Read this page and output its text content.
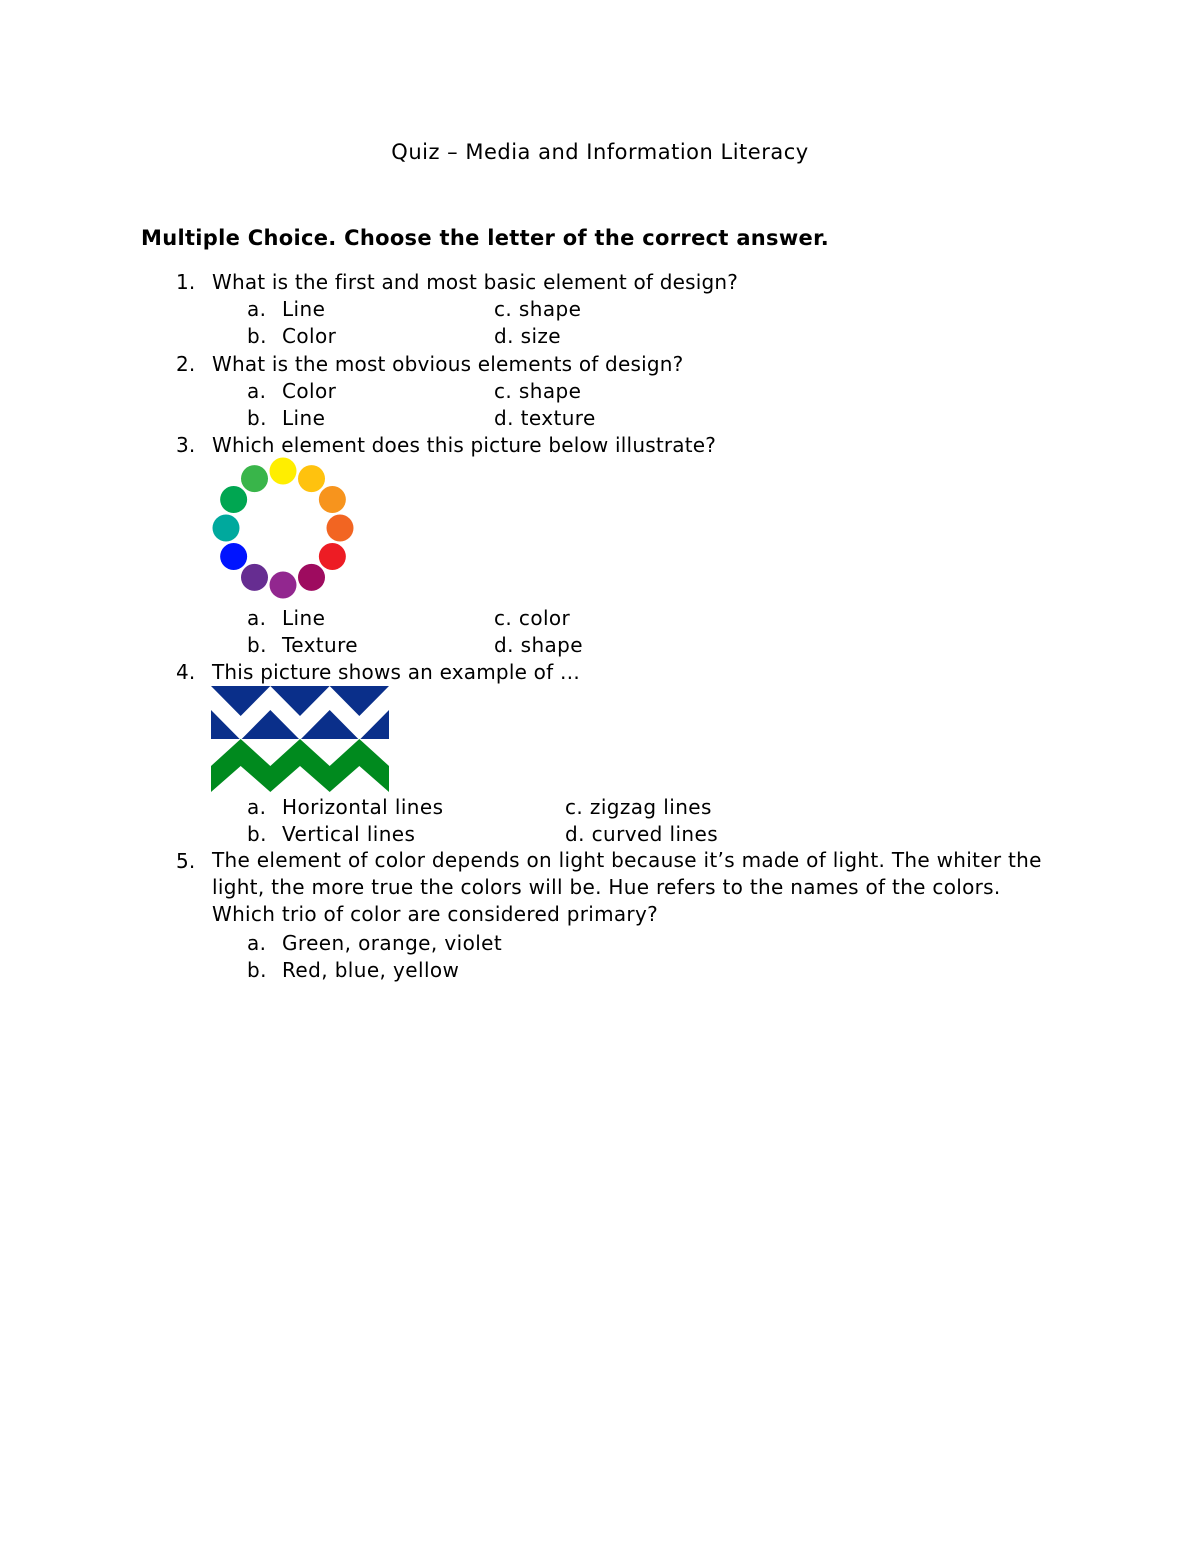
Quiz – Media and Information Literacy
Multiple Choice. Choose the letter of the correct answer.
1. What is the first and most basic element of design?
a. Line
b. Color
c. shape
d. size
2. What is the most obvious elements of design?
a. Color
b. Line
c. shape
d. texture
3. Which element does this picture below illustrate?
a. Line
b. Texture
c. color
d. shape
4. This picture shows an example of …
a. Horizontal lines
b. Vertical lines
c. zigzag lines
d. curved lines
5. The element of color depends on light because it’s made of light. The whiter the light, the more true the colors will be. Hue refers to the names of the colors. Which trio of color are considered primary?
a. Green, orange, violet
b. Red, blue, yellow
